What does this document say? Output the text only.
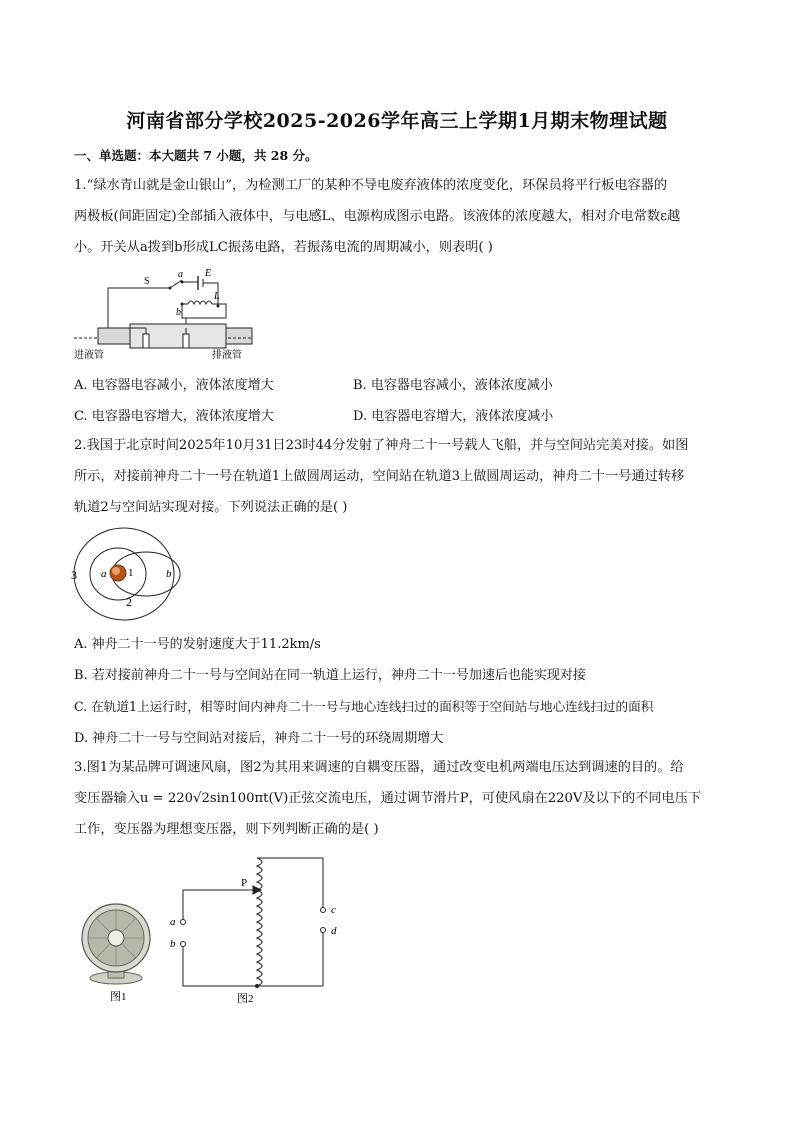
河南省部分学校2025-2026学年高三上学期1月期末物理试题
一、单选题：本大题共 7 小题，共 28 分。
1.“绿水青山就是金山银山”，为检测工厂的某种不导电废弃液体的浓度变化，环保员将平行板电容器的
两极板(间距固定)全部插入液体中，与电感L、电源构成图示电路。该液体的浓度越大，相对介电常数ε越
小。开关从a拨到b形成LC振荡电路，若振荡电流的周期减小，则表明( )
S
a E
L
b
进液管	排液管
A. 电容器电容减小，液体浓度增大	B. 电容器电容减小，液体浓度减小
C. 电容器电容增大，液体浓度增大	D. 电容器电容增大，液体浓度减小
2.我国于北京时间2025年10月31日23时44分发射了神舟二十一号载人飞船，并与空间站完美对接。如图
所示，对接前神舟二十一号在轨道1上做圆周运动，空间站在轨道3上做圆周运动，神舟二十一号通过转移
轨道2与空间站实现对接。下列说法正确的是( )
3	1
2
a	b
A. 神舟二十一号的发射速度大于11.2km/s
B. 若对接前神舟二十一号与空间站在同一轨道上运行，神舟二十一号加速后也能实现对接
C. 在轨道1上运行时，相等时间内神舟二十一号与地心连线扫过的面积等于空间站与地心连线扫过的面积
D. 神舟二十一号与空间站对接后，神舟二十一号的环绕周期增大
3.图1为某品牌可调速风扇，图2为其用来调速的自耦变压器，通过改变电机两端电压达到调速的目的。给
变压器输入u = 220√2sin100πt(V)正弦交流电压，通过调节滑片P，可使风扇在220V及以下的不同电压下
工作，变压器为理想变压器，则下列判断正确的是( )
图1
P
a
b
c
d
图2
